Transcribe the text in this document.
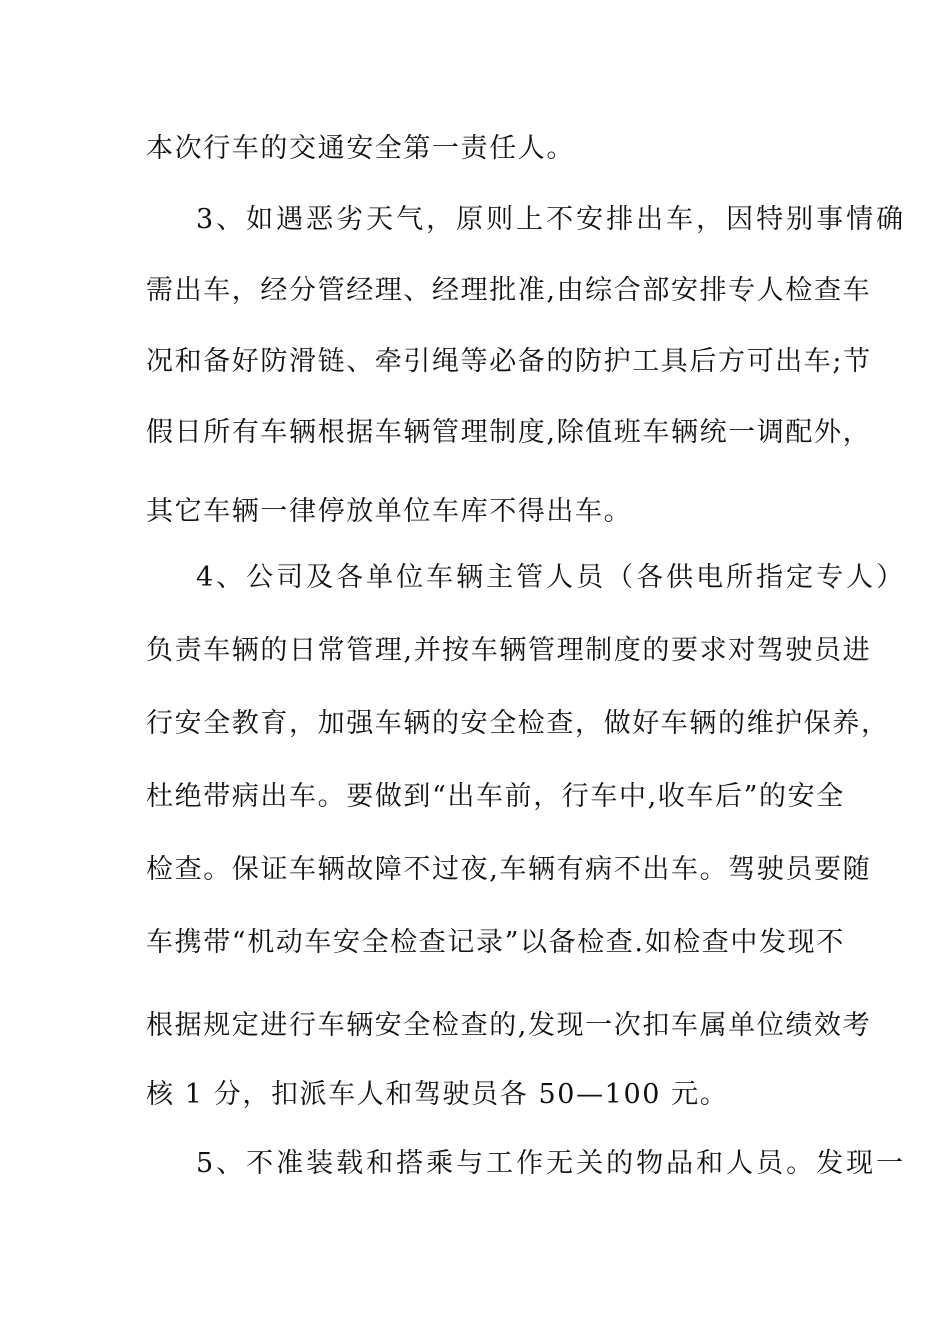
本次行车的交通安全第一责任人。
3、如遇恶劣天气，原则上不安排出车，因特别事情确
需出车，经分管经理、经理批准,由综合部安排专人检查车
况和备好防滑链、牵引绳等必备的防护工具后方可出车;节
假日所有车辆根据车辆管理制度,除值班车辆统一调配外，
其它车辆一律停放单位车库不得出车。
4、公司及各单位车辆主管人员（各供电所指定专人）
负责车辆的日常管理,并按车辆管理制度的要求对驾驶员进
行安全教育，加强车辆的安全检查，做好车辆的维护保养，
杜绝带病出车。要做到“出车前，行车中,收车后”的安全
检查。保证车辆故障不过夜,车辆有病不出车。驾驶员要随
车携带“机动车安全检查记录”以备检查.如检查中发现不
根据规定进行车辆安全检查的,发现一次扣车属单位绩效考
核 1 分，扣派车人和驾驶员各 50—100 元。
5、不准装载和搭乘与工作无关的物品和人员。发现一
